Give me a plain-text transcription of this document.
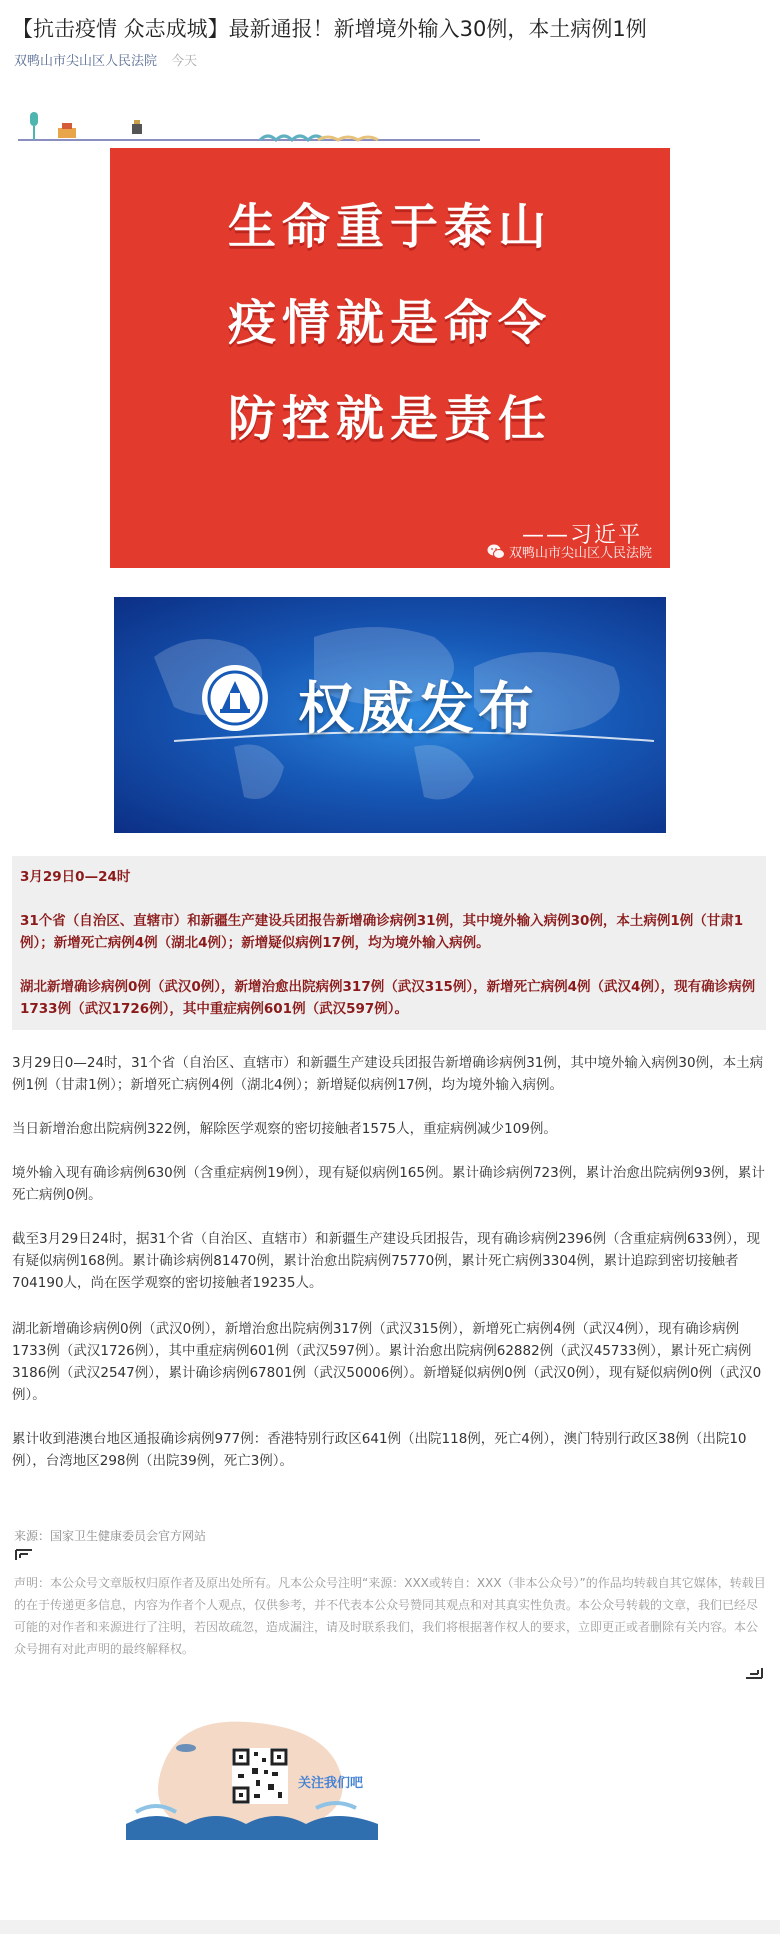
【抗击疫情 众志成城】最新通报！新增境外输入30例，本土病例1例
双鸭山市尖山区人民法院 今天
生命重于泰山
疫情就是命令
防控就是责任
——习近平
双鸭山市尖山区人民法院
权威发布

3月29日0—24时

31个省（自治区、直辖市）和新疆生产建设兵团报告新增确诊病例31例，其中境外输入病例30例，本土病例1例（甘肃1例）；新增死亡病例4例（湖北4例）；新增疑似病例17例，均为境外输入病例。

湖北新增确诊病例0例（武汉0例），新增治愈出院病例317例（武汉315例），新增死亡病例4例（武汉4例），现有确诊病例1733例（武汉1726例），其中重症病例601例（武汉597例）。

3月29日0—24时，31个省（自治区、直辖市）和新疆生产建设兵团报告新增确诊病例31例，其中境外输入病例30例，本土病例1例（甘肃1例）；新增死亡病例4例（湖北4例）；新增疑似病例17例，均为境外输入病例。

当日新增治愈出院病例322例，解除医学观察的密切接触者1575人，重症病例减少109例。

境外输入现有确诊病例630例（含重症病例19例），现有疑似病例165例。累计确诊病例723例，累计治愈出院病例93例，累计死亡病例0例。

截至3月29日24时，据31个省（自治区、直辖市）和新疆生产建设兵团报告，现有确诊病例2396例（含重症病例633例），现有疑似病例168例。累计确诊病例81470例，累计治愈出院病例75770例，累计死亡病例3304例，累计追踪到密切接触者704190人，尚在医学观察的密切接触者19235人。

湖北新增确诊病例0例（武汉0例），新增治愈出院病例317例（武汉315例），新增死亡病例4例（武汉4例），现有确诊病例1733例（武汉1726例），其中重症病例601例（武汉597例）。累计治愈出院病例62882例（武汉45733例），累计死亡病例3186例（武汉2547例），累计确诊病例67801例（武汉50006例）。新增疑似病例0例（武汉0例），现有疑似病例0例（武汉0例）。

累计收到港澳台地区通报确诊病例977例：香港特别行政区641例（出院118例，死亡4例），澳门特别行政区38例（出院10例），台湾地区298例（出院39例，死亡3例）。

来源：国家卫生健康委员会官方网站

声明：本公众号文章版权归原作者及原出处所有。凡本公众号注明“来源：XXX或转自：XXX（非本公众号）”的作品均转载自其它媒体，转载目的在于传递更多信息，内容为作者个人观点，仅供参考，并不代表本公众号赞同其观点和对其真实性负责。本公众号转载的文章，我们已经尽可能的对作者和来源进行了注明，若因故疏忽，造成漏注，请及时联系我们，我们将根据著作权人的要求，立即更正或者删除有关内容。本公众号拥有对此声明的最终解释权。

关注我们吧
